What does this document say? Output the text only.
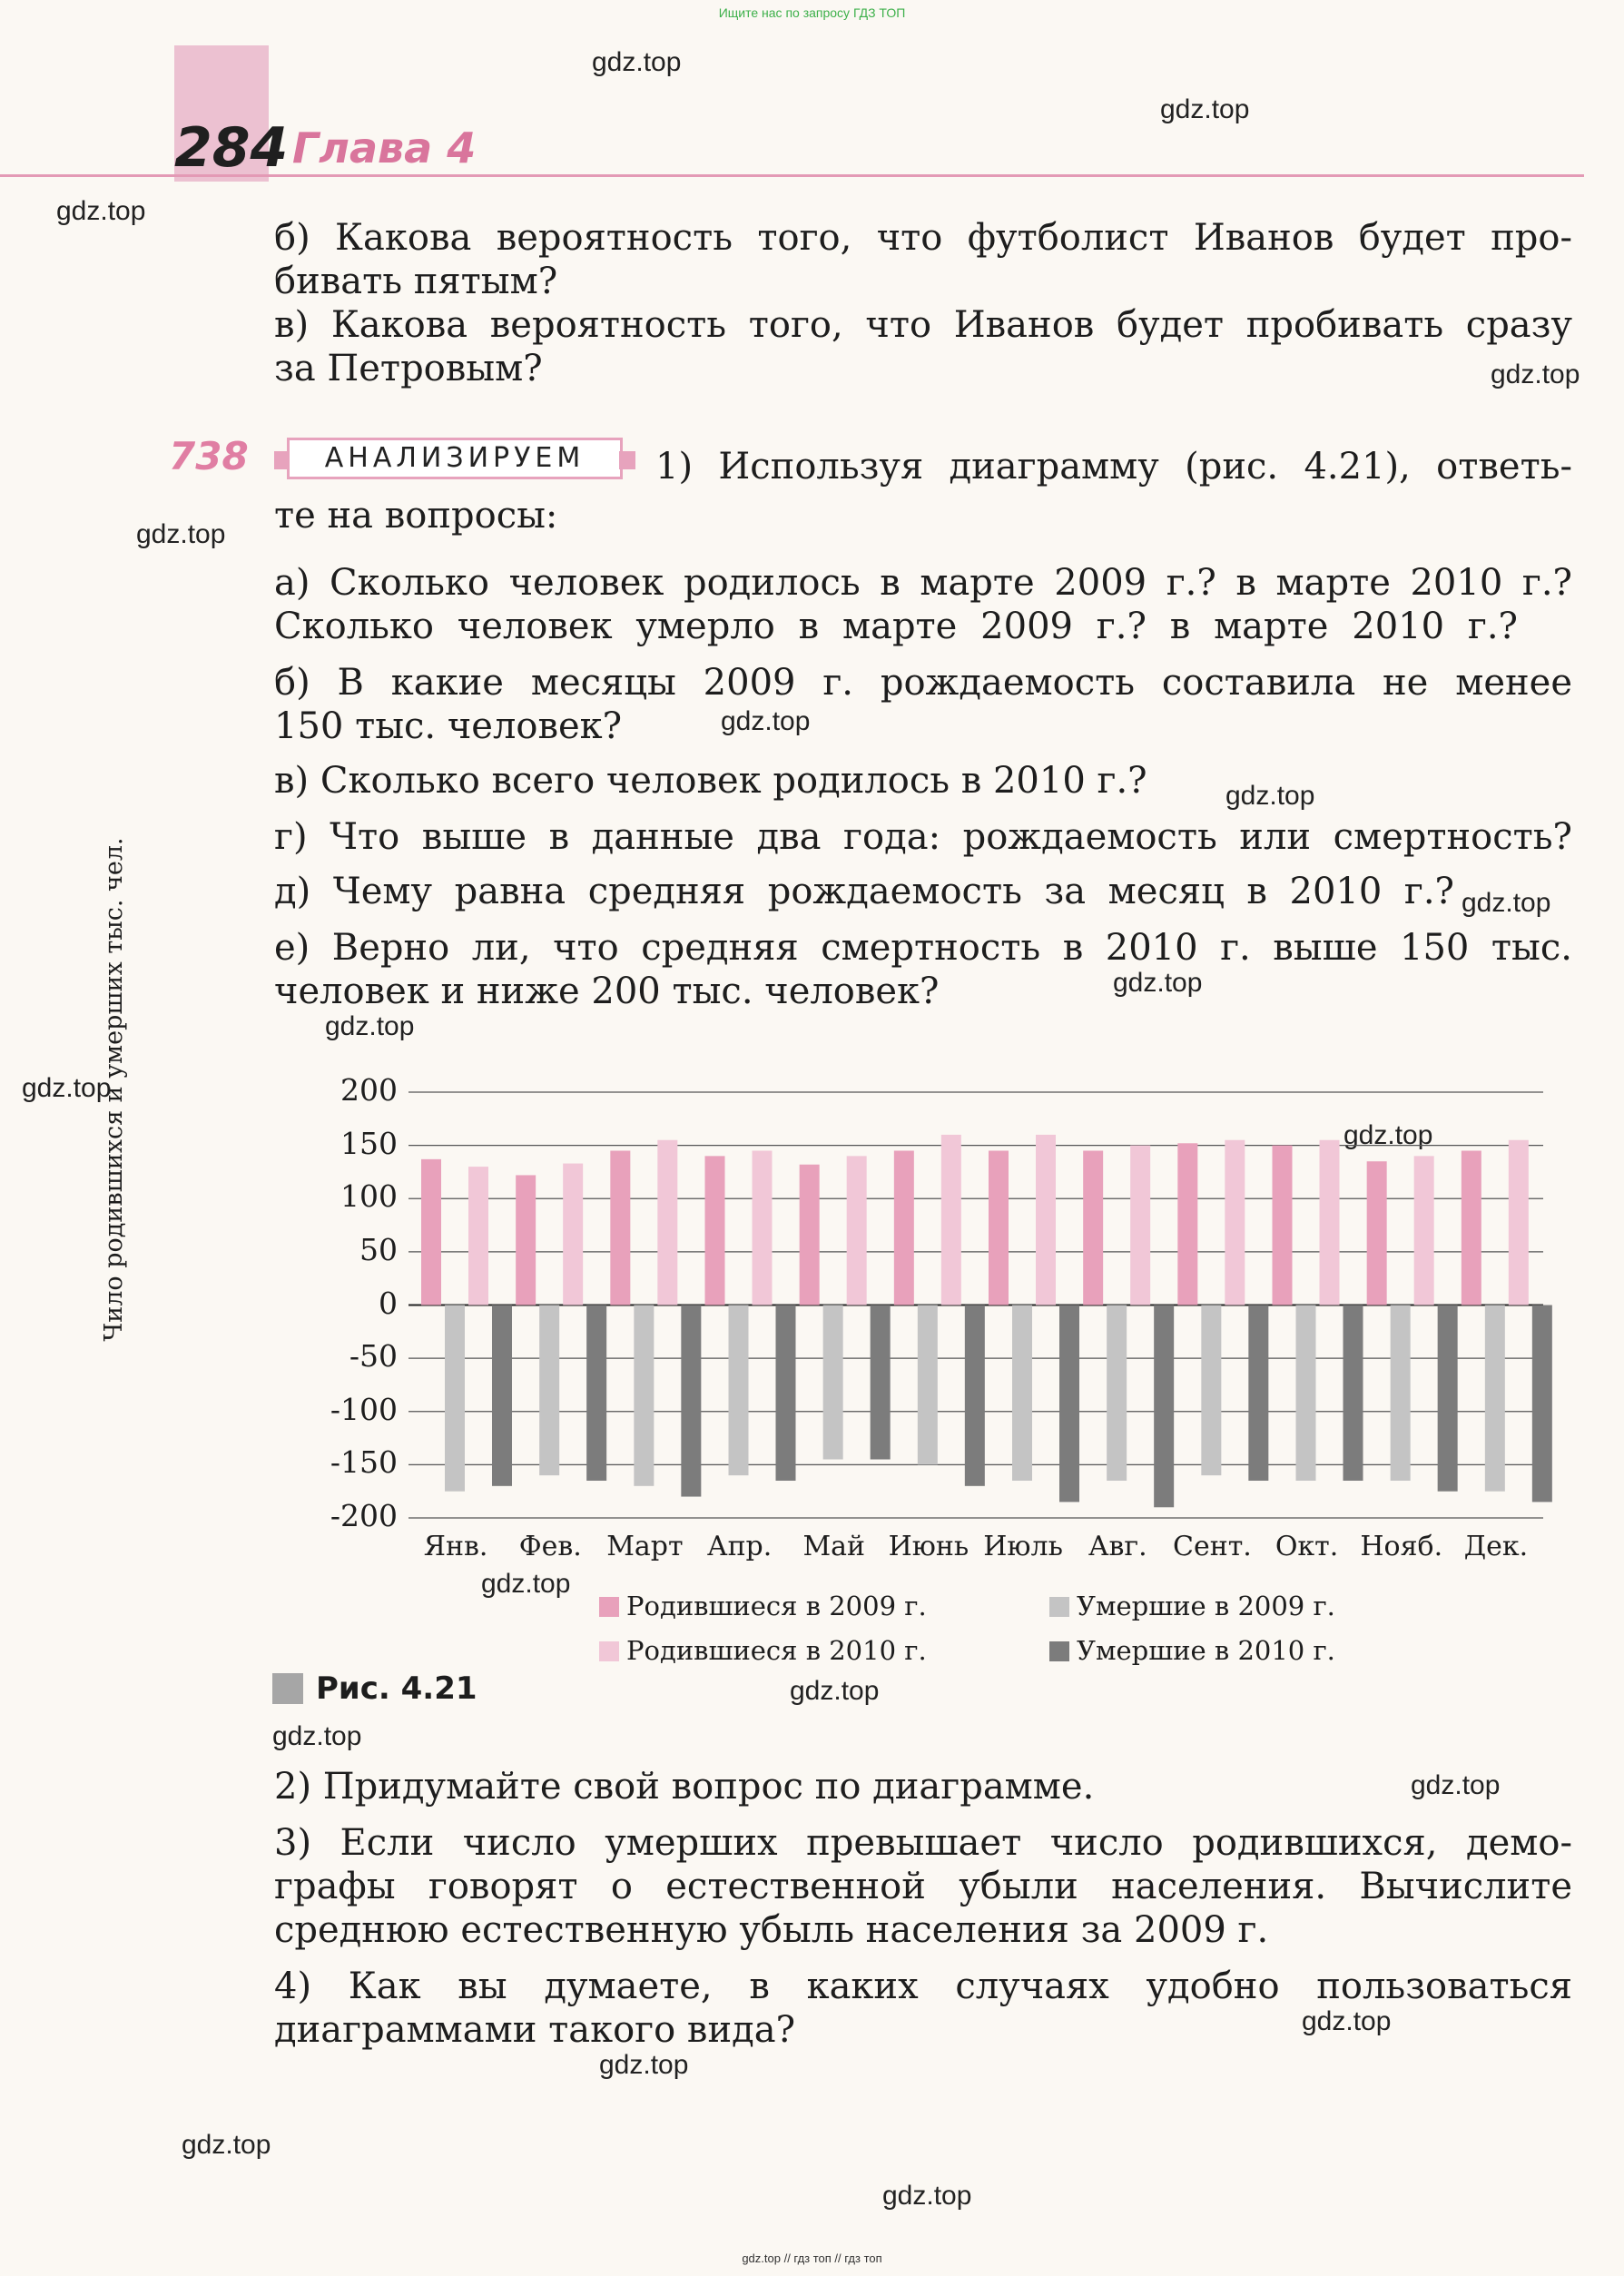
Ищите нас по запросу ГДЗ ТОП
284 Глава 4
gdz.top
gdz.top
gdz.top
gdz.top
gdz.top
gdz.top
gdz.top
gdz.top
gdz.top
gdz.top
gdz.top
gdz.top
gdz.top
gdz.top
gdz.top
gdz.top
gdz.top
gdz.top
gdz.top
gdz.top
б) Какова вероятность того, что футболист Иванов будет про-
бивать пятым?
в) Какова вероятность того, что Иванов будет пробивать сразу
за Петровым?
738	АНАЛИЗИРУЕМ	1) Используя диаграмму (рис. 4.21), ответь-
те на вопросы:
а) Сколько человек родилось в марте 2009 г.? в марте 2010 г.?
Сколько человек умерло в марте 2009 г.? в марте 2010 г.?
б) В какие месяцы 2009 г. рождаемость составила не менее
150 тыс. человек?
в) Сколько всего человек родилось в 2010 г.?
г) Что выше в данные два года: рождаемость или смертность?
д) Чему равна средняя рождаемость за месяц в 2010 г.?
е) Верно ли, что средняя смертность в 2010 г. выше 150 тыс.
человек и ниже 200 тыс. человек?
Чило родившихся и умерших тыс. чел.	200
150
100
50
0
-50
-100
-150
-200
Янв.	Фев. Март Апр.	Май Июнь Июль Авг. Сент. Окт. Нояб. Дек.
Родившиеся в 2009 г.
Родившиеся в 2010 г.
Умершие в 2009 г.
Умершие в 2010 г.
Рис. 4.21
2) Придумайте свой вопрос по диаграмме.
3) Если число умерших превышает число родившихся, демо-
графы говорят о естественной убыли населения. Вычислите
среднюю естественную убыль населения за 2009 г.
4) Как вы думаете, в каких случаях удобно пользоваться
диаграммами такого вида?
gdz.top // гдз топ // гдз топ
